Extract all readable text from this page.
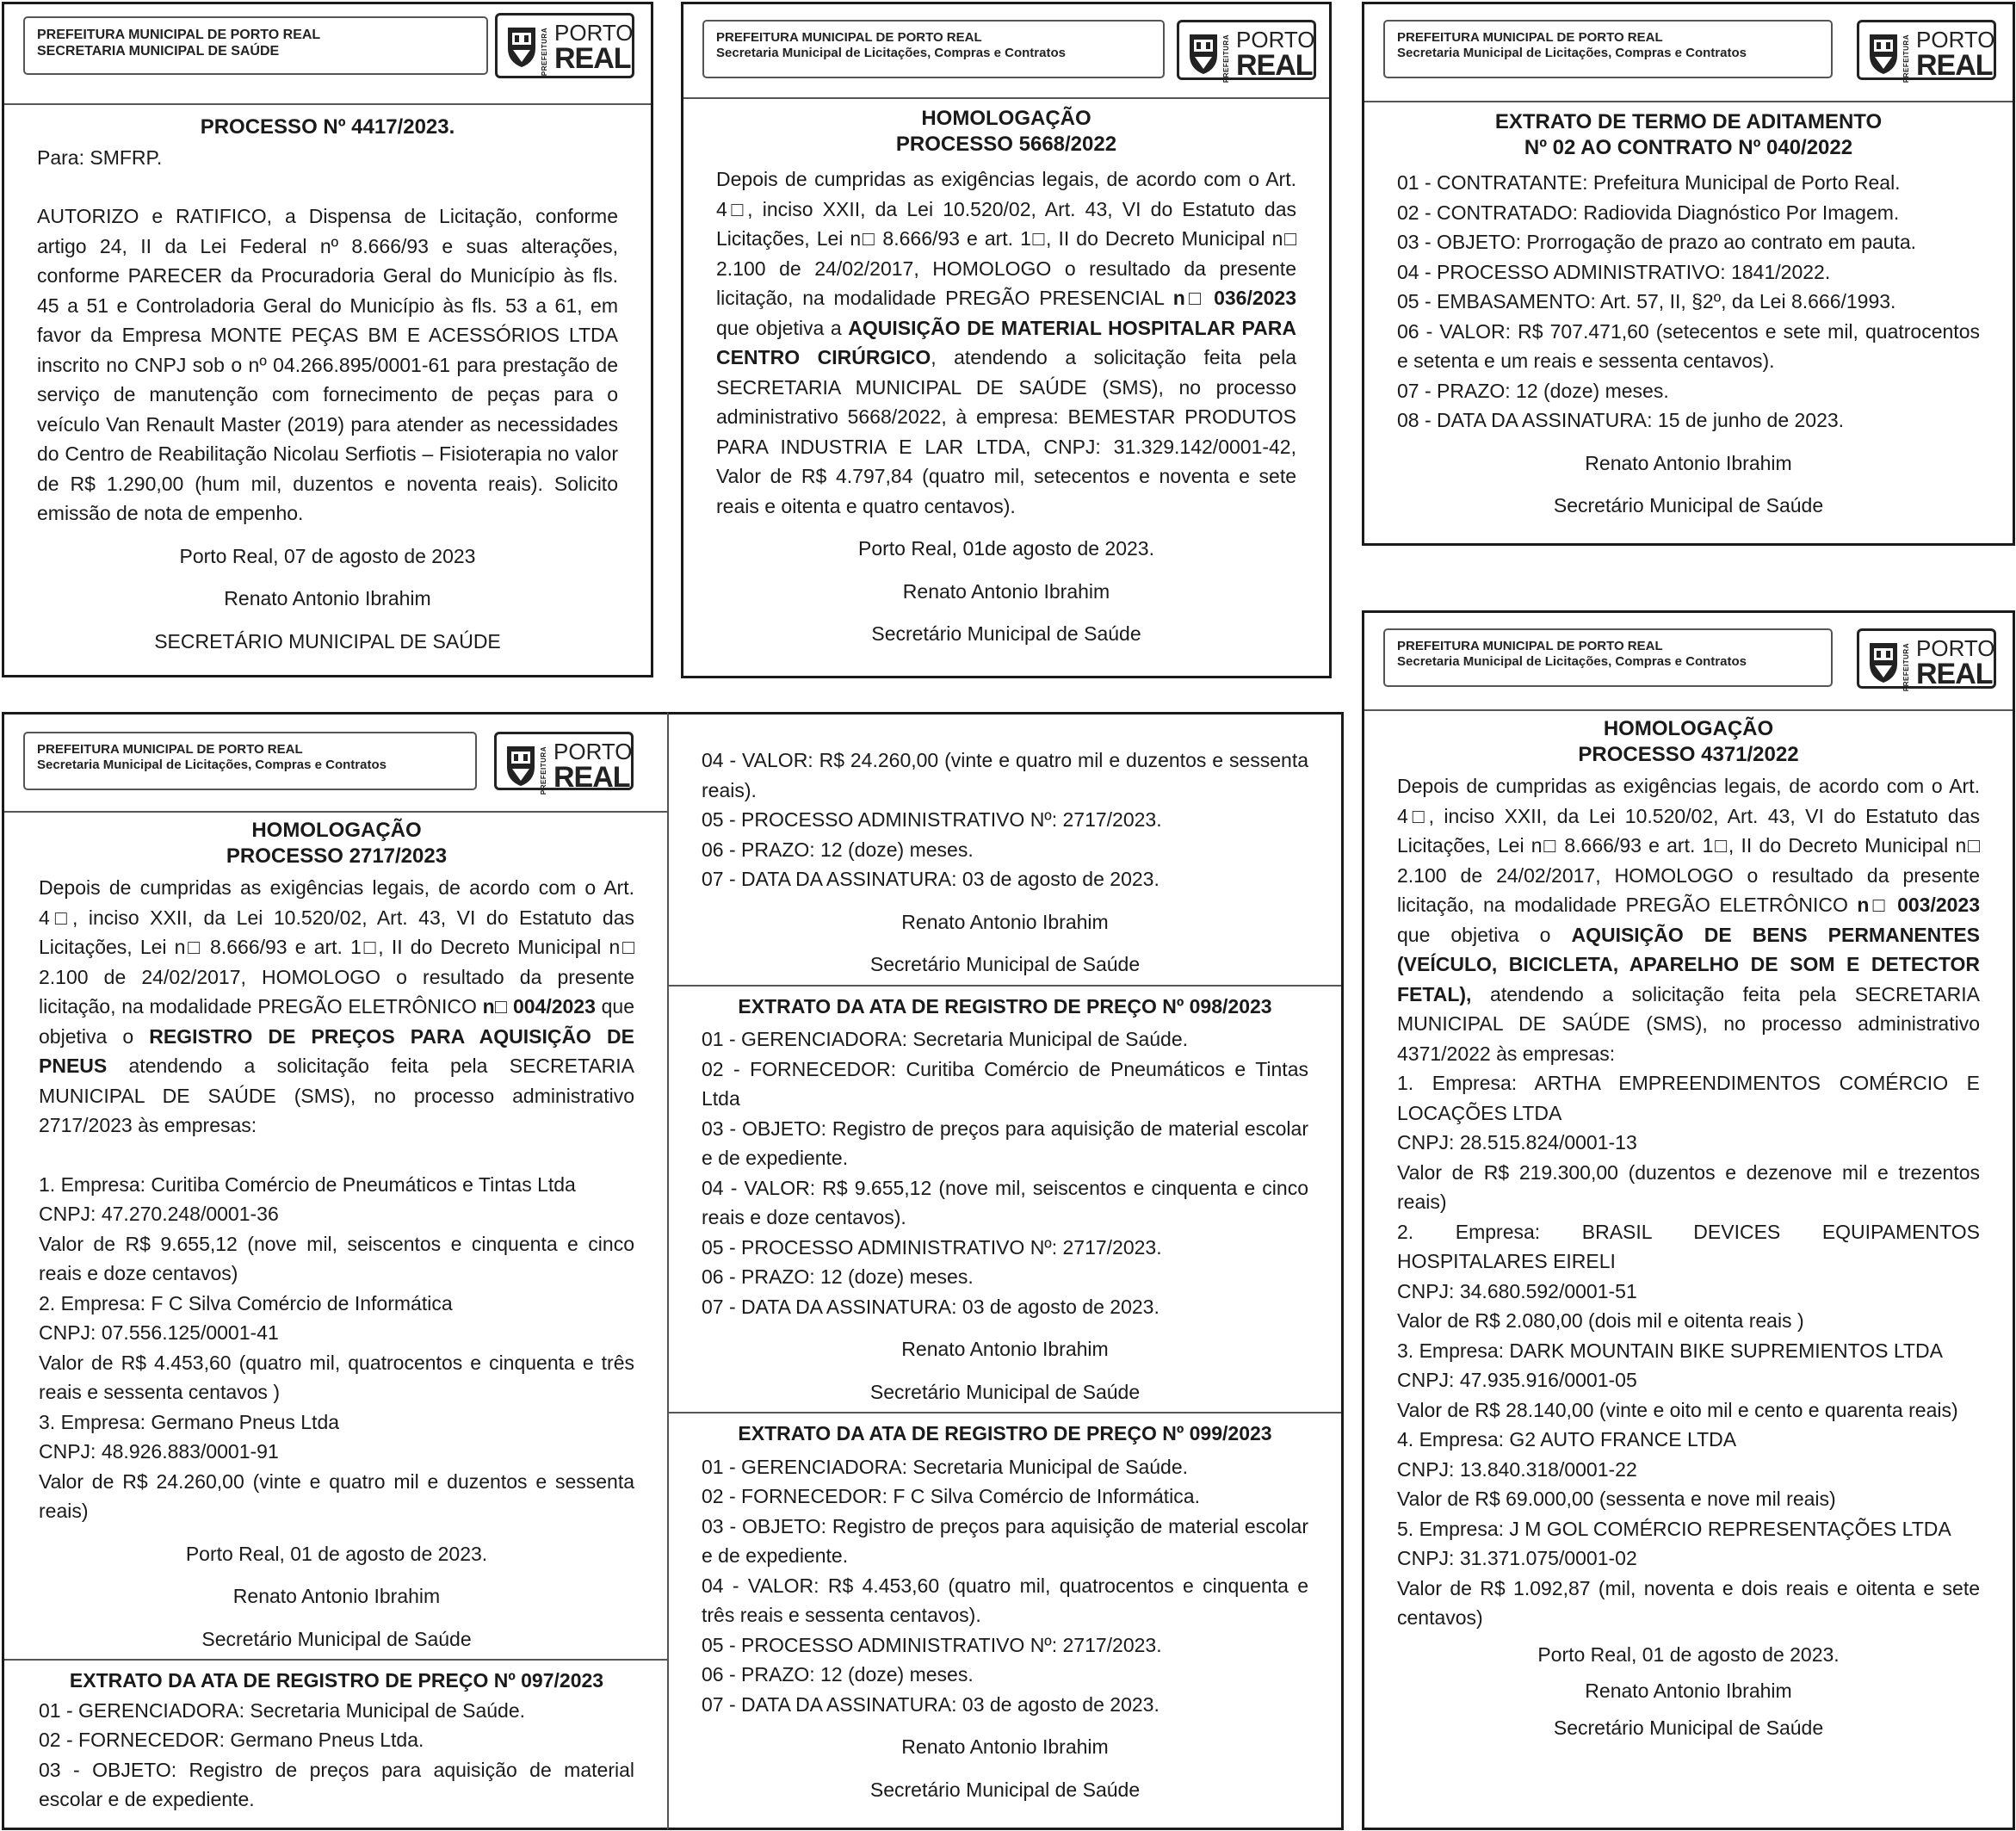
PREFEITURA MUNICIPAL DE PORTO REAL
SECRETARIA MUNICIPAL DE SAÚDE	PREFEITURA PORTO
REAL

PROCESSO Nº 4417/2023.

Para: SMFRP.

AUTORIZO e RATIFICO, a Dispensa de Licitação, conforme artigo 24, II da Lei Federal nº 8.666/93 e suas alterações, conforme PARECER da Procuradoria Geral do Município às fls. 45 a 51 e Controladoria Geral do Município às fls. 53 a 61, em favor da Empresa MONTE PEÇAS BM E ACESSÓRIOS LTDA inscrito no CNPJ sob o nº 04.266.895/0001-61 para prestação de serviço de manutenção com fornecimento de peças para o veículo Van Renault Master (2019) para atender as necessidades do Centro de Reabilitação Nicolau Serfiotis – Fisioterapia no valor de R$ 1.290,00 (hum mil, duzentos e noventa reais). Solicito emissão de nota de empenho.

Porto Real, 07 de agosto de 2023

Renato Antonio Ibrahim

SECRETÁRIO MUNICIPAL DE SAÚDE

PREFEITURA MUNICIPAL DE PORTO REAL
Secretaria Municipal de Licitações, Compras e Contratos	PREFEITURA PORTO
REAL

HOMOLOGAÇÃO

PROCESSO 5668/2022

Depois de cumpridas as exigências legais, de acordo com o Art. 4□, inciso XXII, da Lei 10.520/02, Art. 43, VI do Estatuto das Licitações, Lei n□ 8.666/93 e art. 1□, II do Decreto Municipal n□ 2.100 de 24/02/2017, HOMOLOGO o resultado da presente licitação, na modalidade PREGÃO PRESENCIAL n□ 036/2023 que objetiva a AQUISIÇÃO DE MATERIAL HOSPITALAR PARA CENTRO CIRÚRGICO, atendendo a solicitação feita pela SECRETARIA MUNICIPAL DE SAÚDE (SMS), no processo administrativo 5668/2022, à empresa: BEMESTAR PRODUTOS PARA INDUSTRIA E LAR LTDA, CNPJ: 31.329.142/0001-42, Valor de R$ 4.797,84 (quatro mil, setecentos e noventa e sete reais e oitenta e quatro centavos).

Porto Real, 01de agosto de 2023.

Renato Antonio Ibrahim

Secretário Municipal de Saúde

PREFEITURA MUNICIPAL DE PORTO REAL
Secretaria Municipal de Licitações, Compras e Contratos	PREFEITURA PORTO
REAL

EXTRATO DE TERMO DE ADITAMENTO

Nº 02 AO CONTRATO Nº 040/2022

01 - CONTRATANTE: Prefeitura Municipal de Porto Real.

02 - CONTRATADO: Radiovida Diagnóstico Por Imagem.

03 - OBJETO: Prorrogação de prazo ao contrato em pauta.

04 - PROCESSO ADMINISTRATIVO: 1841/2022.

05 - EMBASAMENTO: Art. 57, II, §2º, da Lei 8.666/1993.

06 - VALOR: R$ 707.471,60 (setecentos e sete mil, quatrocentos e setenta e um reais e sessenta centavos).

07 - PRAZO: 12 (doze) meses.

08 - DATA DA ASSINATURA: 15 de junho de 2023.

Renato Antonio Ibrahim

Secretário Municipal de Saúde

PREFEITURA MUNICIPAL DE PORTO REAL
Secretaria Municipal de Licitações, Compras e Contratos	PREFEITURA PORTO
REAL

HOMOLOGAÇÃO

PROCESSO 2717/2023

Depois de cumpridas as exigências legais, de acordo com o Art. 4□, inciso XXII, da Lei 10.520/02, Art. 43, VI do Estatuto das Licitações, Lei n□ 8.666/93 e art. 1□, II do Decreto Municipal n□ 2.100 de 24/02/2017, HOMOLOGO o resultado da presente licitação, na modalidade PREGÃO ELETRÔNICO n□ 004/2023 que objetiva o REGISTRO DE PREÇOS PARA AQUISIÇÃO DE PNEUS atendendo a solicitação feita pela SECRETARIA MUNICIPAL DE SAÚDE (SMS), no processo administrativo 2717/2023 às empresas:

1. Empresa: Curitiba Comércio de Pneumáticos e Tintas Ltda

CNPJ: 47.270.248/0001-36

Valor de R$ 9.655,12 (nove mil, seiscentos e cinquenta e cinco reais e doze centavos)

2. Empresa: F C Silva Comércio de Informática

CNPJ: 07.556.125/0001-41

Valor de R$ 4.453,60 (quatro mil, quatrocentos e cinquenta e três reais e sessenta centavos )

3. Empresa: Germano Pneus Ltda

CNPJ: 48.926.883/0001-91

Valor de R$ 24.260,00 (vinte e quatro mil e duzentos e sessenta reais)

Porto Real, 01 de agosto de 2023.

Renato Antonio Ibrahim

Secretário Municipal de Saúde

EXTRATO DA ATA DE REGISTRO DE PREÇO Nº 097/2023

01 - GERENCIADORA: Secretaria Municipal de Saúde.

02 - FORNECEDOR: Germano Pneus Ltda.

03 - OBJETO: Registro de preços para aquisição de material escolar e de expediente.

04 - VALOR: R$ 24.260,00 (vinte e quatro mil e duzentos e sessenta reais).

05 - PROCESSO ADMINISTRATIVO Nº: 2717/2023.

06 - PRAZO: 12 (doze) meses.

07 - DATA DA ASSINATURA: 03 de agosto de 2023.

Renato Antonio Ibrahim

Secretário Municipal de Saúde

EXTRATO DA ATA DE REGISTRO DE PREÇO Nº 098/2023

01 - GERENCIADORA: Secretaria Municipal de Saúde.

02 - FORNECEDOR: Curitiba Comércio de Pneumáticos e Tintas Ltda

03 - OBJETO: Registro de preços para aquisição de material escolar e de expediente.

04 - VALOR: R$ 9.655,12 (nove mil, seiscentos e cinquenta e cinco reais e doze centavos).

05 - PROCESSO ADMINISTRATIVO Nº: 2717/2023.

06 - PRAZO: 12 (doze) meses.

07 - DATA DA ASSINATURA: 03 de agosto de 2023.

Renato Antonio Ibrahim

Secretário Municipal de Saúde

EXTRATO DA ATA DE REGISTRO DE PREÇO Nº 099/2023

01 - GERENCIADORA: Secretaria Municipal de Saúde.

02 - FORNECEDOR: F C Silva Comércio de Informática.

03 - OBJETO: Registro de preços para aquisição de material escolar e de expediente.

04 - VALOR: R$ 4.453,60 (quatro mil, quatrocentos e cinquenta e três reais e sessenta centavos).

05 - PROCESSO ADMINISTRATIVO Nº: 2717/2023.

06 - PRAZO: 12 (doze) meses.

07 - DATA DA ASSINATURA: 03 de agosto de 2023.

Renato Antonio Ibrahim

Secretário Municipal de Saúde

PREFEITURA MUNICIPAL DE PORTO REAL
Secretaria Municipal de Licitações, Compras e Contratos	PREFEITURA PORTO
REAL

HOMOLOGAÇÃO

PROCESSO 4371/2022

Depois de cumpridas as exigências legais, de acordo com o Art. 4□, inciso XXII, da Lei 10.520/02, Art. 43, VI do Estatuto das Licitações, Lei n□ 8.666/93 e art. 1□, II do Decreto Municipal n□ 2.100 de 24/02/2017, HOMOLOGO o resultado da presente licitação, na modalidade PREGÃO ELETRÔNICO n□ 003/2023 que objetiva o AQUISIÇÃO DE BENS PERMANENTES (VEÍCULO, BICICLETA, APARELHO DE SOM E DETECTOR FETAL), atendendo a solicitação feita pela SECRETARIA MUNICIPAL DE SAÚDE (SMS), no processo administrativo 4371/2022 às empresas:

1. Empresa: ARTHA EMPREENDIMENTOS COMÉRCIO E LOCAÇÕES LTDA

CNPJ: 28.515.824/0001-13

Valor de R$ 219.300,00 (duzentos e dezenove mil e trezentos reais)

2. Empresa: BRASIL DEVICES EQUIPAMENTOS HOSPITALARES EIRELI

CNPJ: 34.680.592/0001-51

Valor de R$ 2.080,00 (dois mil e oitenta reais )

3. Empresa: DARK MOUNTAIN BIKE SUPREMIENTOS LTDA

CNPJ: 47.935.916/0001-05

Valor de R$ 28.140,00 (vinte e oito mil e cento e quarenta reais)

4. Empresa: G2 AUTO FRANCE LTDA

CNPJ: 13.840.318/0001-22

Valor de R$ 69.000,00 (sessenta e nove mil reais)

5. Empresa: J M GOL COMÉRCIO REPRESENTAÇÕES LTDA

CNPJ: 31.371.075/0001-02

Valor de R$ 1.092,87 (mil, noventa e dois reais e oitenta e sete centavos)

Porto Real, 01 de agosto de 2023.

Renato Antonio Ibrahim

Secretário Municipal de Saúde
